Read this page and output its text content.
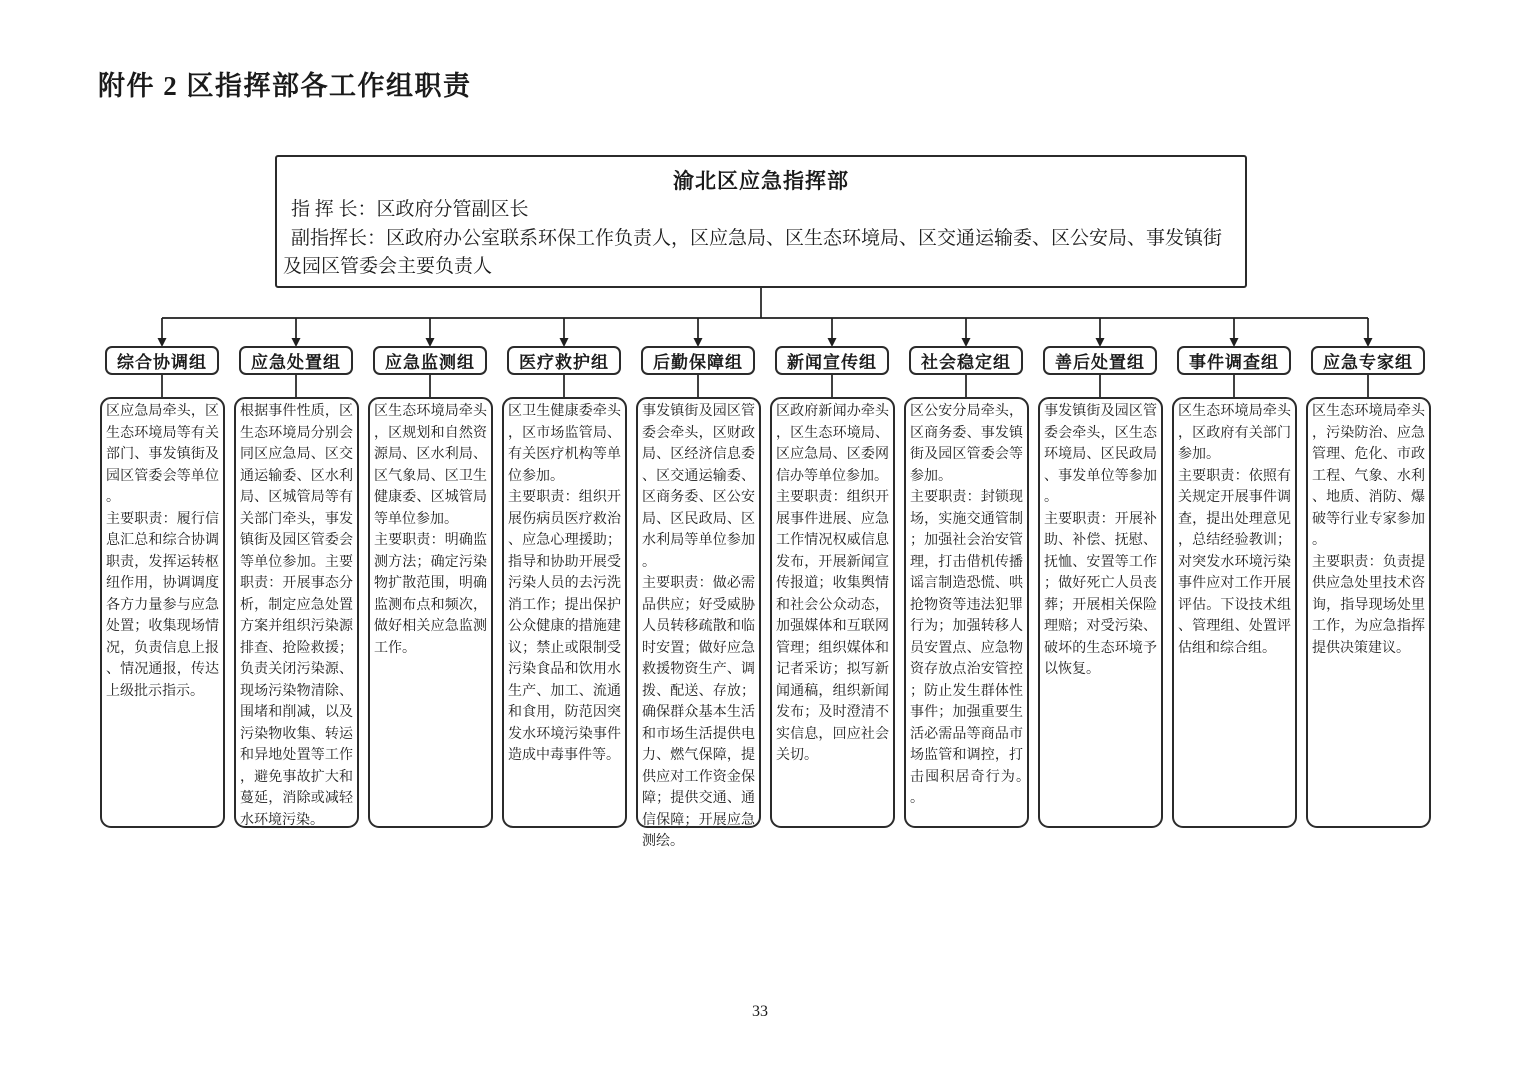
附件 2 区指挥部各工作组职责
渝北区应急指挥部
指 挥 长：区政府分管副区长
副指挥长：区政府办公室联系环保工作负责人，区应急局、区生态环境局、区交通运输委、区公安局、事发镇街及园区管委会主要负责人
综合协调组	应急处置组	应急监测组	医疗救护组	后勤保障组	新闻宣传组	社会稳定组	善后处置组	事件调查组	应急专家组

区应急局牵头，区生态环境局等有关部门、事发镇街及园区管委会等单位。

主要职责：履行信息汇总和综合协调职责，发挥运转枢纽作用，协调调度各方力量参与应急处置；收集现场情况，负责信息上报、情况通报，传达上级批示指示。

根据事件性质，区生态环境局分别会同区应急局、区交通运输委、区水利局、区城管局等有关部门牵头，事发镇街及园区管委会等单位参加。主要职责：开展事态分析，制定应急处置方案并组织污染源排查、抢险救援；负责关闭污染源、现场污染物清除、围堵和削减，以及污染物收集、转运和异地处置等工作，避免事故扩大和蔓延，消除或减轻水环境污染。

区生态环境局牵头，区规划和自然资源局、区水利局、区气象局、区卫生健康委、区城管局等单位参加。

主要职责：明确监测方法；确定污染物扩散范围，明确监测布点和频次，做好相关应急监测工作。

区卫生健康委牵头，区市场监管局、有关医疗机构等单位参加。

主要职责：组织开展伤病员医疗救治、应急心理援助；指导和协助开展受污染人员的去污洗消工作；提出保护公众健康的措施建议；禁止或限制受污染食品和饮用水生产、加工、流通和食用，防范因突发水环境污染事件造成中毒事件等。

事发镇街及园区管委会牵头，区财政局、区经济信息委、区交通运输委、区商务委、区公安局、区民政局、区水利局等单位参加。

主要职责：做必需品供应；好受威胁人员转移疏散和临时安置；做好应急救援物资生产、调拨、配送、存放；确保群众基本生活和市场生活提供电力、燃气保障，提供应对工作资金保障；提供交通、通信保障；开展应急测绘。

区政府新闻办牵头，区生态环境局、区应急局、区委网信办等单位参加。

主要职责：组织开展事件进展、应急工作情况权威信息发布，开展新闻宣传报道；收集舆情和社会公众动态，加强媒体和互联网管理；组织媒体和记者采访；拟写新闻通稿，组织新闻发布；及时澄清不实信息，回应社会关切。

区公安分局牵头，区商务委、事发镇街及园区管委会等参加。

主要职责：封锁现场，实施交通管制；加强社会治安管理，打击借机传播谣言制造恐慌、哄抢物资等违法犯罪行为；加强转移人员安置点、应急物资存放点治安管控；防止发生群体性事件；加强重要生活必需品等商品市场监管和调控，打击囤积居奇行为。。

事发镇街及园区管委会牵头，区生态环境局、区民政局、事发单位等参加。

主要职责：开展补助、补偿、抚慰、抚恤、安置等工作；做好死亡人员丧葬；开展相关保险理赔；对受污染、破坏的生态环境予以恢复。

区生态环境局牵头，区政府有关部门参加。

主要职责：依照有关规定开展事件调查，提出处理意见，总结经验教训；对突发水环境污染事件应对工作开展评估。下设技术组、管理组、处置评估组和综合组。

区生态环境局牵头，污染防治、应急管理、危化、市政工程、气象、水利、地质、消防、爆破等行业专家参加。

主要职责：负责提供应急处里技术咨询，指导现场处里工作，为应急指挥提供决策建议。

33
